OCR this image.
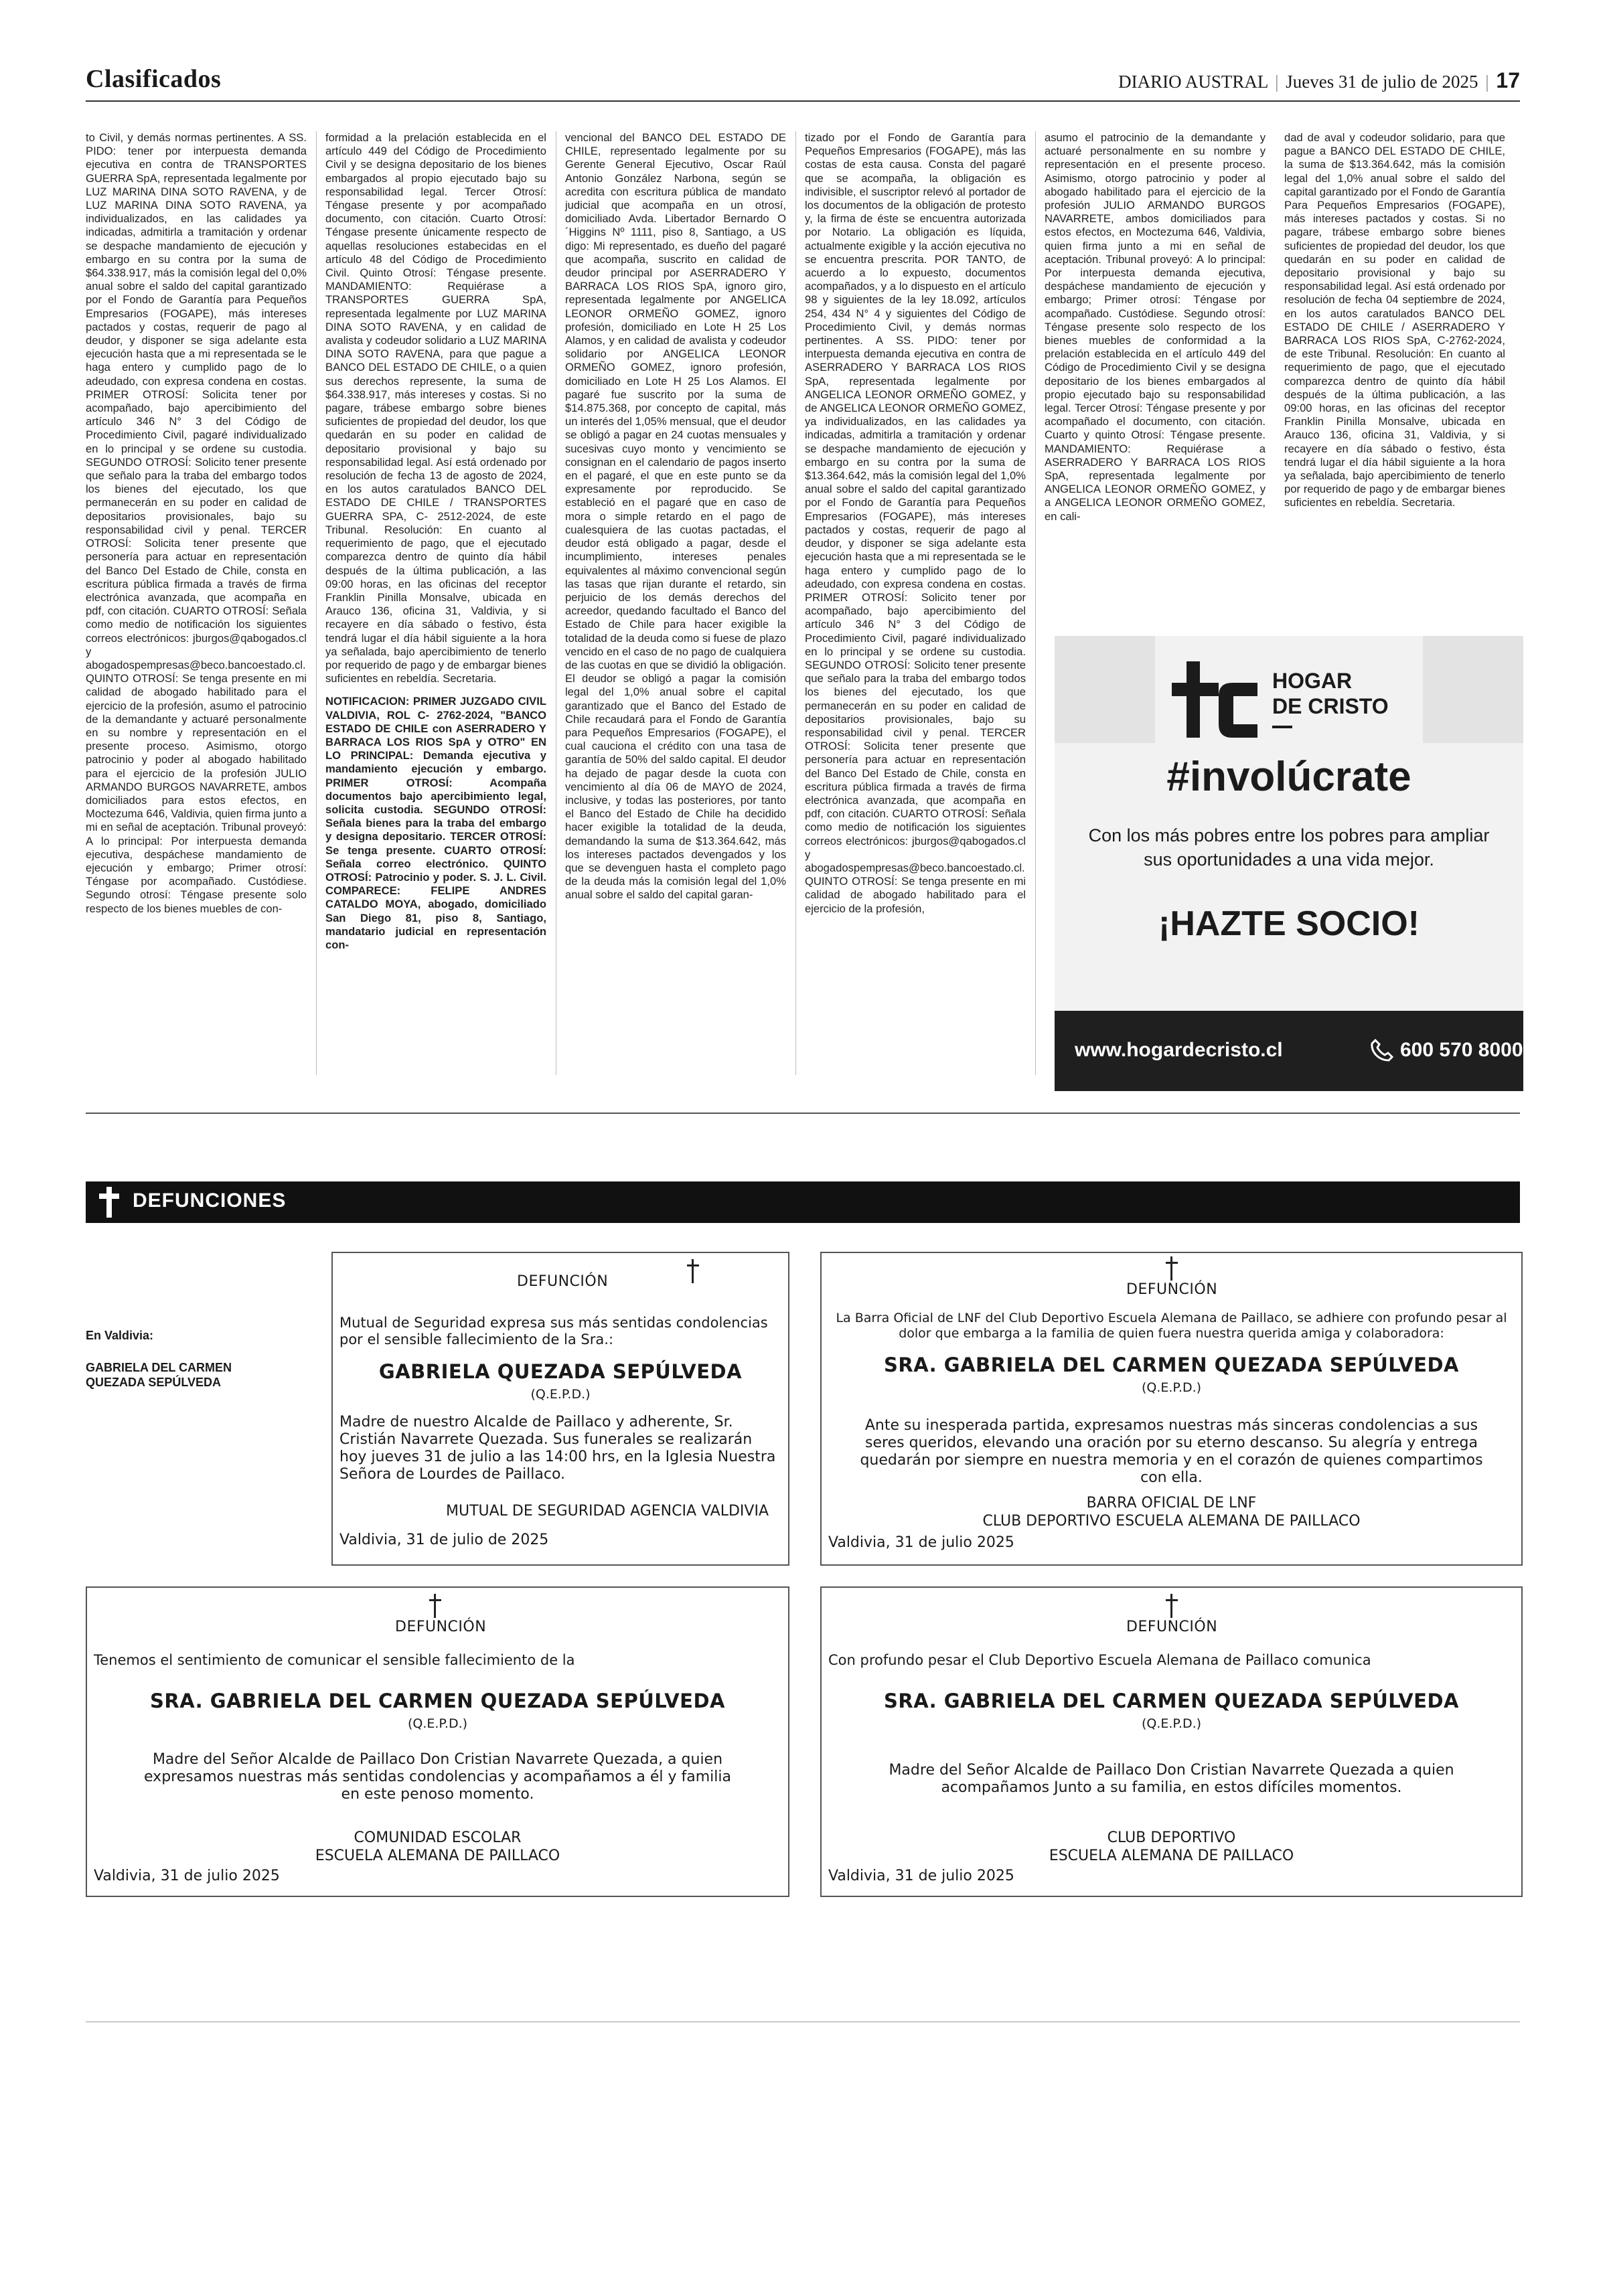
Clasificados	DIARIO AUSTRAL | Jueves 31 de julio de 2025 | 17

to Civil, y demás normas pertinentes. A SS. PIDO: tener por interpuesta demanda ejecutiva en contra de TRANSPORTES GUERRA SpA, representada legalmente por LUZ MARINA DINA SOTO RAVENA, y de LUZ MARINA DINA SOTO RAVENA, ya individualizados, en las calidades ya indicadas, admitirla a tramitación y ordenar se despache mandamiento de ejecución y embargo en su contra por la suma de $64.338.917, más la comisión legal del 0,0% anual sobre el saldo del capital garantizado por el Fondo de Garantía para Pequeños Empresarios (FOGAPE), más intereses pactados y costas, requerir de pago al deudor, y disponer se siga adelante esta ejecución hasta que a mi representada se le haga entero y cumplido pago de lo adeudado, con expresa condena en costas. PRIMER OTROSÍ: Solicita tener por acompañado, bajo apercibimiento del artículo 346 N° 3 del Código de Procedimiento Civil, pagaré individualizado en lo principal y se ordene su custodia. SEGUNDO OTROSÍ: Solicito tener presente que señalo para la traba del embargo todos los bienes del ejecutado, los que permanecerán en su poder en calidad de depositarios provisionales, bajo su responsabilidad civil y penal. TERCER OTROSÍ: Solicita tener presente que personería para actuar en representación del Banco Del Estado de Chile, consta en escritura pública firmada a través de firma electrónica avanzada, que acompaña en pdf, con citación. CUARTO OTROSÍ: Señala como medio de notificación los siguientes correos electrónicos: jburgos@qabogados.cl y abogadospempresas@beco.bancoestado.cl. QUINTO OTROSÍ: Se tenga presente en mi calidad de abogado habilitado para el ejercicio de la profesión, asumo el patrocinio de la demandante y actuaré personalmente en su nombre y representación en el presente proceso. Asimismo, otorgo patrocinio y poder al abogado habilitado para el ejercicio de la profesión JULIO ARMANDO BURGOS NAVARRETE, ambos domiciliados para estos efectos, en Moctezuma 646, Valdivia, quien firma junto a mi en señal de aceptación. Tribunal proveyó: A lo principal: Por interpuesta demanda ejecutiva, despáchese mandamiento de ejecución y embargo; Primer otrosí: Téngase por acompañado. Custódiese. Segundo otrosí: Téngase presente solo respecto de los bienes muebles de con-

formidad a la prelación establecida en el artículo 449 del Código de Procedimiento Civil y se designa depositario de los bienes embargados al propio ejecutado bajo su responsabilidad legal. Tercer Otrosí: Téngase presente y por acompañado documento, con citación. Cuarto Otrosí: Téngase presente únicamente respecto de aquellas resoluciones estabecidas en el artículo 48 del Código de Procedimiento Civil. Quinto Otrosí: Téngase presente. MANDAMIENTO: Requiérase a TRANSPORTES GUERRA SpA, representada legalmente por LUZ MARINA DINA SOTO RAVENA, y en calidad de avalista y codeudor solidario a LUZ MARINA DINA SOTO RAVENA, para que pague a BANCO DEL ESTADO DE CHILE, o a quien sus derechos represente, la suma de $64.338.917, más intereses y costas. Si no pagare, trábese embargo sobre bienes suficientes de propiedad del deudor, los que quedarán en su poder en calidad de depositario provisional y bajo su responsabilidad legal. Así está ordenado por resolución de fecha 13 de agosto de 2024, en los autos caratulados BANCO DEL ESTADO DE CHILE / TRANSPORTES GUERRA SPA, C- 2512-2024, de este Tribunal. Resolución: En cuanto al requerimiento de pago, que el ejecutado comparezca dentro de quinto día hábil después de la última publicación, a las 09:00 horas, en las oficinas del receptor Franklin Pinilla Monsalve, ubicada en Arauco 136, oficina 31, Valdivia, y si recayere en día sábado o festivo, ésta tendrá lugar el día hábil siguiente a la hora ya señalada, bajo apercibimiento de tenerlo por requerido de pago y de embargar bienes suficientes en rebeldía. Secretaria.

NOTIFICACION: PRIMER JUZGADO CIVIL VALDIVIA, ROL C- 2762-2024, "BANCO ESTADO DE CHILE con ASERRADERO Y BARRACA LOS RIOS SpA y OTRO" EN LO PRINCIPAL: Demanda ejecutiva y mandamiento ejecución y embargo. PRIMER OTROSÍ: Acompaña documentos bajo apercibimiento legal, solicita custodia. SEGUNDO OTROSÍ: Señala bienes para la traba del embargo y designa depositario. TERCER OTROSÍ: Se tenga presente. CUARTO OTROSÍ: Señala correo electrónico. QUINTO OTROSÍ: Patrocinio y poder. S. J. L. Civil. COMPARECE: FELIPE ANDRES CATALDO MOYA, abogado, domiciliado San Diego 81, piso 8, Santiago, mandatario judicial en representación con-

vencional del BANCO DEL ESTADO DE CHILE, representado legalmente por su Gerente General Ejecutivo, Oscar Raúl Antonio González Narbona, según se acredita con escritura pública de mandato judicial que acompaña en un otrosí, domiciliado Avda. Libertador Bernardo O´Higgins Nº 1111, piso 8, Santiago, a US digo: Mi representado, es dueño del pagaré que acompaña, suscrito en calidad de deudor principal por ASERRADERO Y BARRACA LOS RIOS SpA, ignoro giro, representada legalmente por ANGELICA LEONOR ORMEÑO GOMEZ, ignoro profesión, domiciliado en Lote H 25 Los Alamos, y en calidad de avalista y codeudor solidario por ANGELICA LEONOR ORMEÑO GOMEZ, ignoro profesión, domiciliado en Lote H 25 Los Alamos. El pagaré fue suscrito por la suma de $14.875.368, por concepto de capital, más un interés del 1,05% mensual, que el deudor se obligó a pagar en 24 cuotas mensuales y sucesivas cuyo monto y vencimiento se consignan en el calendario de pagos inserto en el pagaré, el que en este punto se da expresamente por reproducido. Se estableció en el pagaré que en caso de mora o simple retardo en el pago de cualesquiera de las cuotas pactadas, el deudor está obligado a pagar, desde el incumplimiento, intereses penales equivalentes al máximo convencional según las tasas que rijan durante el retardo, sin perjuicio de los demás derechos del acreedor, quedando facultado el Banco del Estado de Chile para hacer exigible la totalidad de la deuda como si fuese de plazo vencido en el caso de no pago de cualquiera de las cuotas en que se dividió la obligación. El deudor se obligó a pagar la comisión legal del 1,0% anual sobre el capital garantizado que el Banco del Estado de Chile recaudará para el Fondo de Garantía para Pequeños Empresarios (FOGAPE), el cual cauciona el crédito con una tasa de garantía de 50% del saldo capital. El deudor ha dejado de pagar desde la cuota con vencimiento al día 06 de MAYO de 2024, inclusive, y todas las posteriores, por tanto el Banco del Estado de Chile ha decidido hacer exigible la totalidad de la deuda, demandando la suma de $13.364.642, más los intereses pactados devengados y los que se devenguen hasta el completo pago de la deuda más la comisión legal del 1,0% anual sobre el saldo del capital garan-

tizado por el Fondo de Garantía para Pequeños Empresarios (FOGAPE), más las costas de esta causa. Consta del pagaré que se acompaña, la obligación es indivisible, el suscriptor relevó al portador de los documentos de la obligación de protesto y, la firma de éste se encuentra autorizada por Notario. La obligación es líquida, actualmente exigible y la acción ejecutiva no se encuentra prescrita. POR TANTO, de acuerdo a lo expuesto, documentos acompañados, y a lo dispuesto en el artículo 98 y siguientes de la ley 18.092, artículos 254, 434 N° 4 y siguientes del Código de Procedimiento Civil, y demás normas pertinentes. A SS. PIDO: tener por interpuesta demanda ejecutiva en contra de ASERRADERO Y BARRACA LOS RIOS SpA, representada legalmente por ANGELICA LEONOR ORMEÑO GOMEZ, y de ANGELICA LEONOR ORMEÑO GOMEZ, ya individualizados, en las calidades ya indicadas, admitirla a tramitación y ordenar se despache mandamiento de ejecución y embargo en su contra por la suma de $13.364.642, más la comisión legal del 1,0% anual sobre el saldo del capital garantizado por el Fondo de Garantía para Pequeños Empresarios (FOGAPE), más intereses pactados y costas, requerir de pago al deudor, y disponer se siga adelante esta ejecución hasta que a mi representada se le haga entero y cumplido pago de lo adeudado, con expresa condena en costas. PRIMER OTROSÍ: Solicito tener por acompañado, bajo apercibimiento del artículo 346 N° 3 del Código de Procedimiento Civil, pagaré individualizado en lo principal y se ordene su custodia. SEGUNDO OTROSÍ: Solicito tener presente que señalo para la traba del embargo todos los bienes del ejecutado, los que permanecerán en su poder en calidad de depositarios provisionales, bajo su responsabilidad civil y penal. TERCER OTROSÍ: Solicita tener presente que personería para actuar en representación del Banco Del Estado de Chile, consta en escritura pública firmada a través de firma electrónica avanzada, que acompaña en pdf, con citación. CUARTO OTROSÍ: Señala como medio de notificación los siguientes correos electrónicos: jburgos@qabogados.cl y abogadospempresas@beco.bancoestado.cl. QUINTO OTROSÍ: Se tenga presente en mi calidad de abogado habilitado para el ejercicio de la profesión,

asumo el patrocinio de la demandante y actuaré personalmente en su nombre y representación en el presente proceso. Asimismo, otorgo patrocinio y poder al abogado habilitado para el ejercicio de la profesión JULIO ARMANDO BURGOS NAVARRETE, ambos domiciliados para estos efectos, en Moctezuma 646, Valdivia, quien firma junto a mi en señal de aceptación. Tribunal proveyó: A lo principal: Por interpuesta demanda ejecutiva, despáchese mandamiento de ejecución y embargo; Primer otrosí: Téngase por acompañado. Custódiese. Segundo otrosí: Téngase presente solo respecto de los bienes muebles de conformidad a la prelación establecida en el artículo 449 del Código de Procedimiento Civil y se designa depositario de los bienes embargados al propio ejecutado bajo su responsabilidad legal. Tercer Otrosí: Téngase presente y por acompañado el documento, con citación. Cuarto y quinto Otrosí: Téngase presente. MANDAMIENTO: Requiérase a ASERRADERO Y BARRACA LOS RIOS SpA, representada legalmente por ANGELICA LEONOR ORMEÑO GOMEZ, y a ANGELICA LEONOR ORMEÑO GOMEZ, en cali-

dad de aval y codeudor solidario, para que pague a BANCO DEL ESTADO DE CHILE, la suma de $13.364.642, más la comisión legal del 1,0% anual sobre el saldo del capital garantizado por el Fondo de Garantía Para Pequeños Empresarios (FOGAPE), más intereses pactados y costas. Si no pagare, trábese embargo sobre bienes suficientes de propiedad del deudor, los que quedarán en su poder en calidad de depositario provisional y bajo su responsabilidad legal. Así está ordenado por resolución de fecha 04 septiembre de 2024, en los autos caratulados BANCO DEL ESTADO DE CHILE / ASERRADERO Y BARRACA LOS RIOS SpA, C-2762-2024, de este Tribunal. Resolución: En cuanto al requerimiento de pago, que el ejecutado comparezca dentro de quinto día hábil después de la última publicación, a las 09:00 horas, en las oficinas del receptor Franklin Pinilla Monsalve, ubicada en Arauco 136, oficina 31, Valdivia, y si recayere en día sábado o festivo, ésta tendrá lugar el día hábil siguiente a la hora ya señalada, bajo apercibimiento de tenerlo por requerido de pago y de embargar bienes suficientes en rebeldía. Secretaria.

HOGAR
DE CRISTO
#involúcrate
Con los más pobres entre los pobres para ampliar
sus oportunidades a una vida mejor.
¡HAZTE SOCIO!
www.hogardecristo.cl	600 570 8000
DEFUNCIONES
En Valdivia:
GABRIELA DEL CARMEN
QUEZADA SEPÚLVEDA
DEFUNCIÓN
Mutual de Seguridad expresa sus más sentidas condolencias por el sensible fallecimiento de la Sra.:
GABRIELA QUEZADA SEPÚLVEDA
(Q.E.P.D.)
Madre de nuestro Alcalde de Paillaco y adherente, Sr. Cristián Navarrete Quezada. Sus funerales se realizarán hoy jueves 31 de julio a las 14:00 hrs, en la Iglesia Nuestra Señora de Lourdes de Paillaco.
MUTUAL DE SEGURIDAD AGENCIA VALDIVIA
Valdivia, 31 de julio de 2025
DEFUNCIÓN
La Barra Oficial de LNF del Club Deportivo Escuela Alemana de Paillaco, se adhiere con profundo pesar al dolor que embarga a la familia de quien fuera nuestra querida amiga y colaboradora:
SRA. GABRIELA DEL CARMEN QUEZADA SEPÚLVEDA
(Q.E.P.D.)
Ante su inesperada partida, expresamos nuestras más sinceras condolencias a sus seres queridos, elevando una oración por su eterno descanso. Su alegría y entrega quedarán por siempre en nuestra memoria y en el corazón de quienes compartimos con ella.
BARRA OFICIAL DE LNF
CLUB DEPORTIVO ESCUELA ALEMANA DE PAILLACO
Valdivia, 31 de julio 2025
DEFUNCIÓN
Tenemos el sentimiento de comunicar el sensible fallecimiento de la
SRA. GABRIELA DEL CARMEN QUEZADA SEPÚLVEDA
(Q.E.P.D.)
Madre del Señor Alcalde de Paillaco Don Cristian Navarrete Quezada, a quien expresamos nuestras más sentidas condolencias y acompañamos a él y familia en este penoso momento.
COMUNIDAD ESCOLAR
ESCUELA ALEMANA DE PAILLACO
Valdivia, 31 de julio 2025
DEFUNCIÓN
Con profundo pesar el Club Deportivo Escuela Alemana de Paillaco comunica
SRA. GABRIELA DEL CARMEN QUEZADA SEPÚLVEDA
(Q.E.P.D.)
Madre del Señor Alcalde de Paillaco Don Cristian Navarrete Quezada a quien acompañamos Junto a su familia, en estos difíciles momentos.
CLUB DEPORTIVO
ESCUELA ALEMANA DE PAILLACO
Valdivia, 31 de julio 2025
